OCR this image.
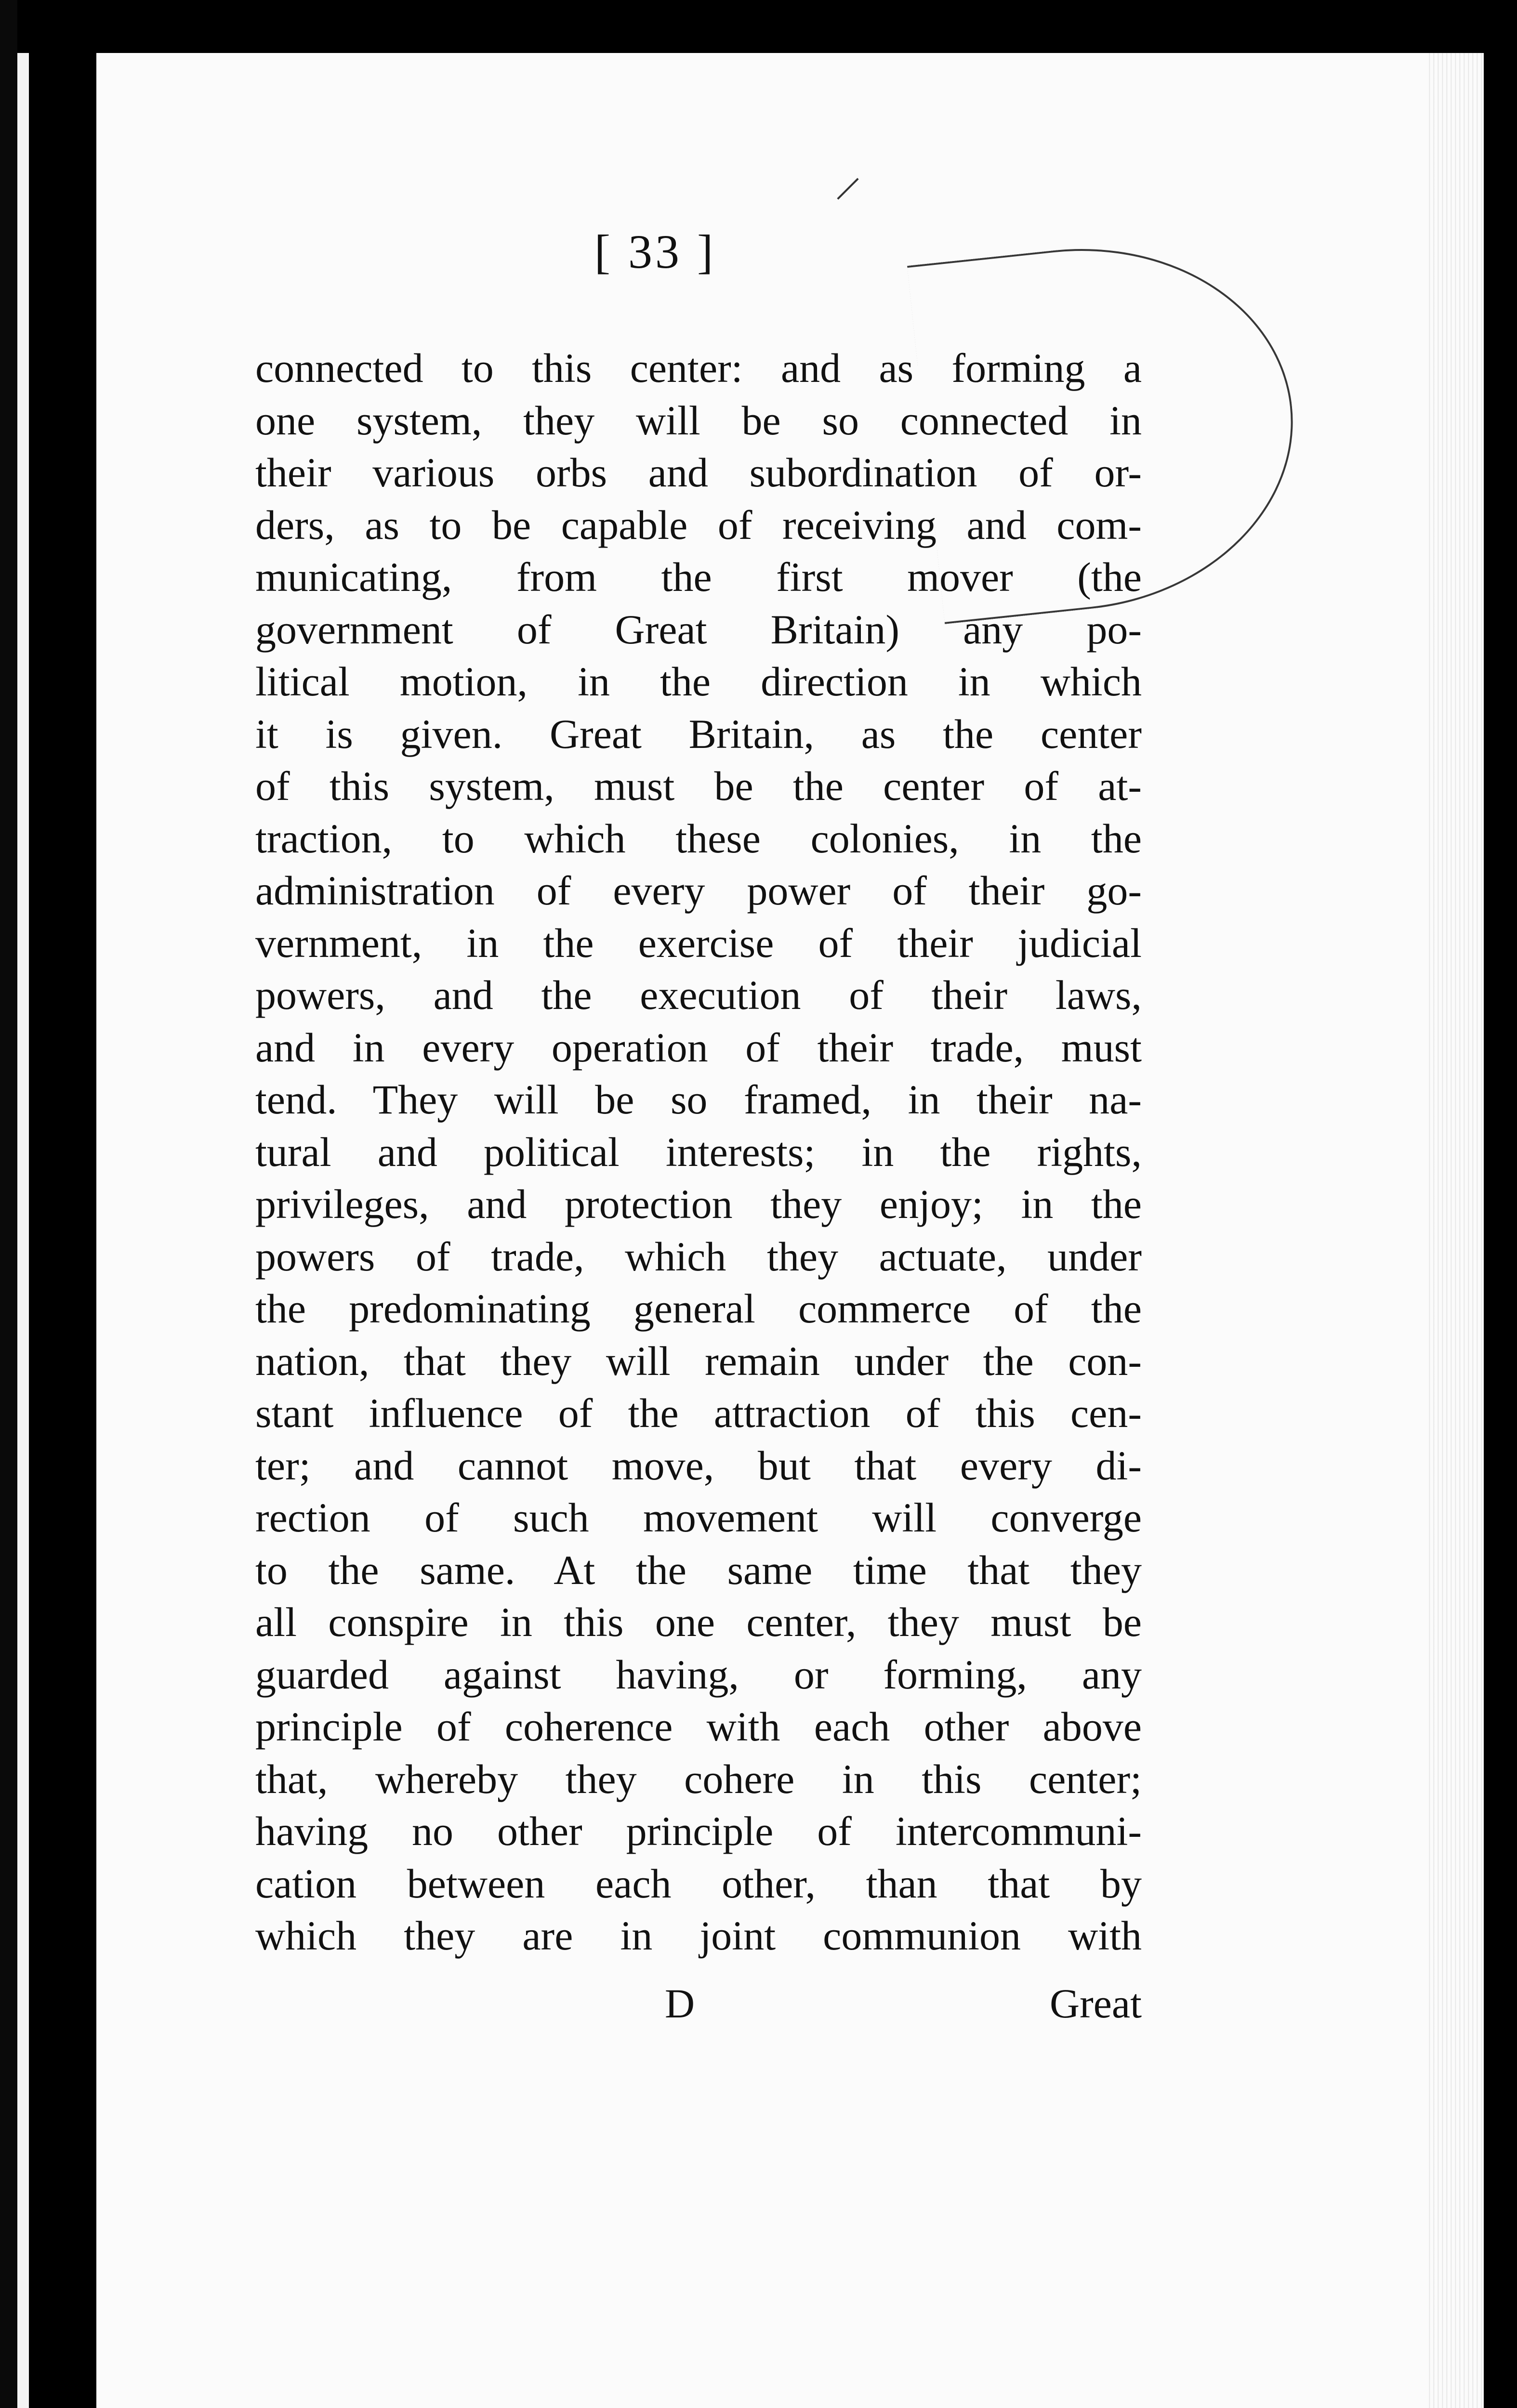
[ 33 ]
connected to this center: and as forming a
one system, they will be so connected in
their various orbs and subordination of or-
ders, as to be capable of receiving and com-
municating, from the first mover (the
government of Great Britain) any po-
litical motion, in the direction in which
it is given. Great Britain, as the center
of this system, must be the center of at-
traction, to which these colonies, in the
administration of every power of their go-
vernment, in the exercise of their judicial
powers, and the execution of their laws,
and in every operation of their trade, must
tend. They will be so framed, in their na-
tural and political interests; in the rights,
privileges, and protection they enjoy; in the
powers of trade, which they actuate, under
the predominating general commerce of the
nation, that they will remain under the con-
stant influence of the attraction of this cen-
ter; and cannot move, but that every di-
rection of such movement will converge
to the same. At the same time that they
all conspire in this one center, they must be
guarded against having, or forming, any
principle of coherence with each other above
that, whereby they cohere in this center;
having no other principle of intercommuni-
cation between each other, than that by
which they are in joint communion with
D	Great
